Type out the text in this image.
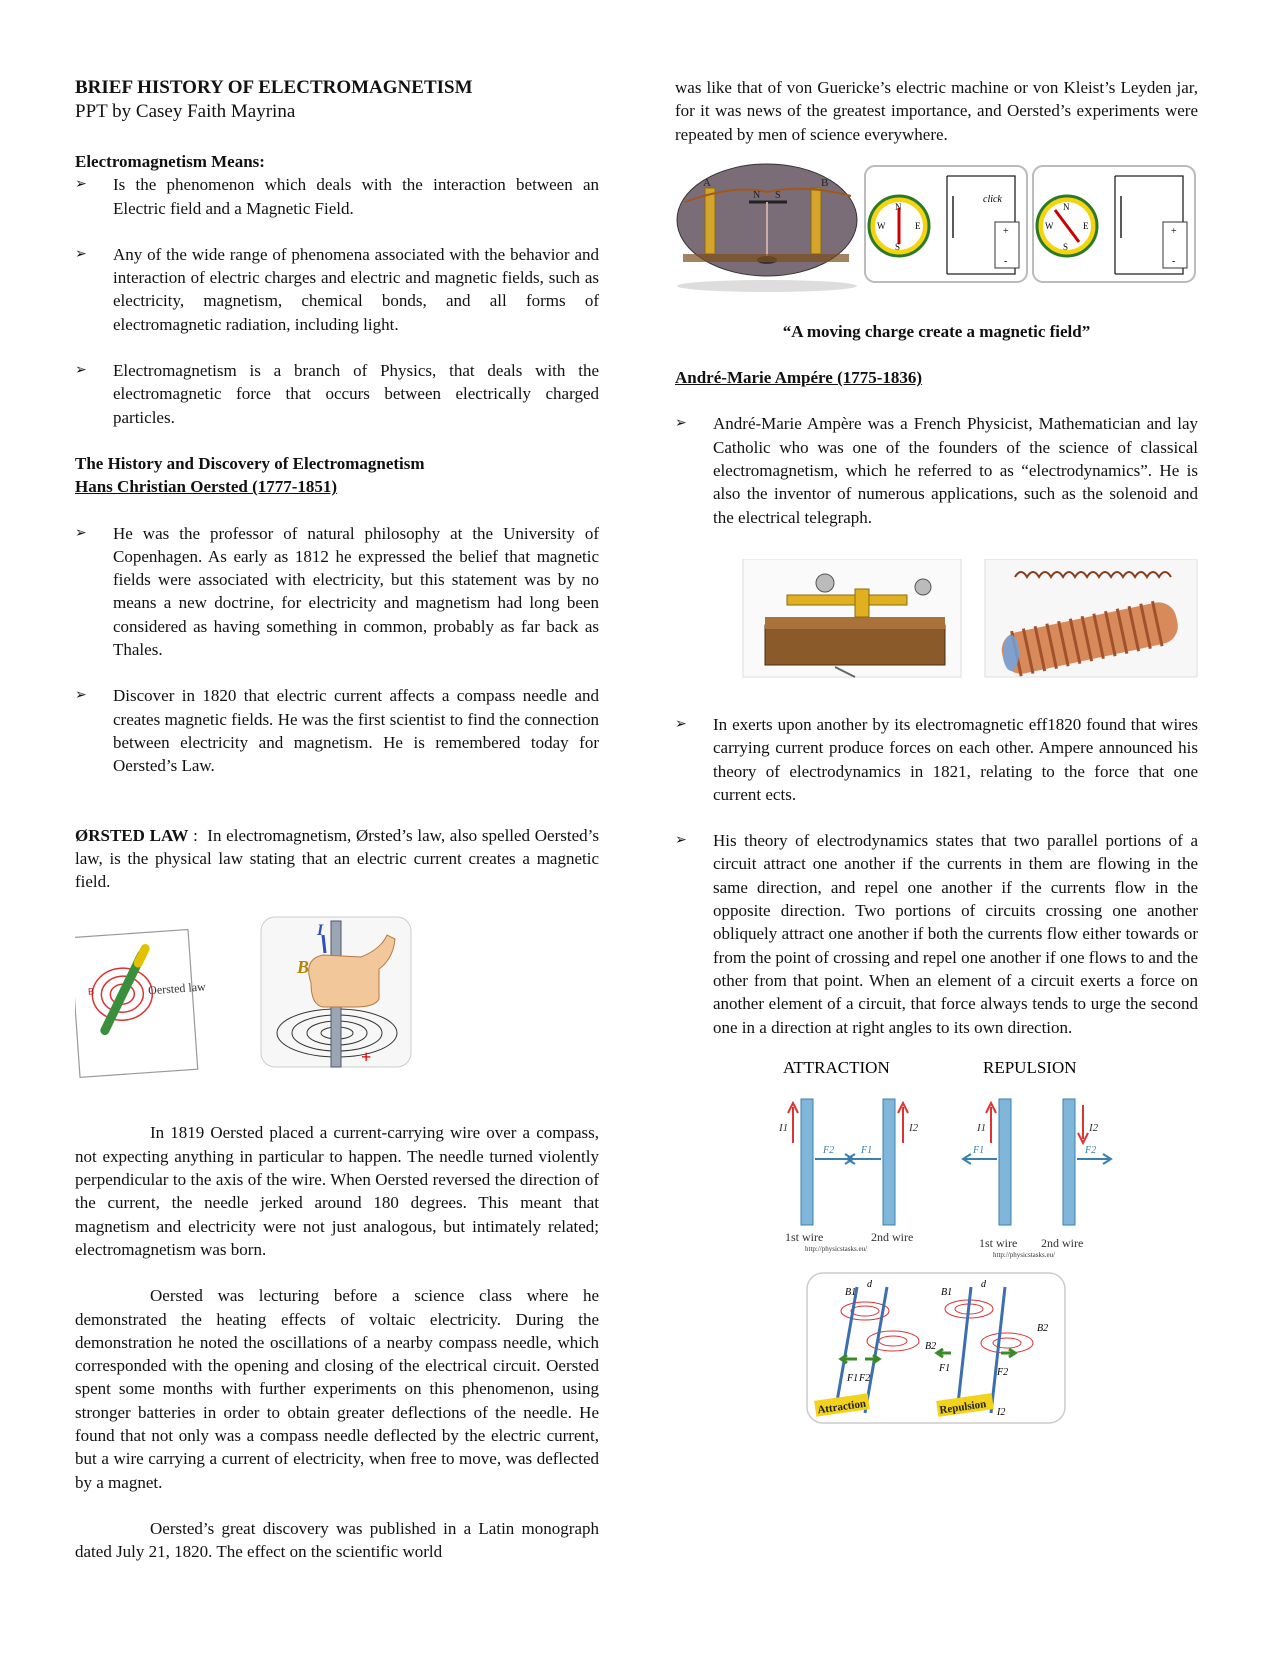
BRIEF HISTORY OF ELECTROMAGNETISM

PPT by Casey Faith Mayrina

Electromagnetism Means:

➢ Is the phenomenon which deals with the interaction between an Electric field and a Magnetic Field.

➢ Any of the wide range of phenomena associated with the behavior and interaction of electric charges and electric and magnetic fields, such as electricity, magnetism, chemical bonds, and all forms of electromagnetic radiation, including light.

➢ Electromagnetism is a branch of Physics, that deals with the electromagnetic force that occurs between electrically charged particles.

The History and Discovery of Electromagnetism

Hans Christian Oersted (1777-1851)

➢ He was the professor of natural philosophy at the University of Copenhagen. As early as 1812 he expressed the belief that magnetic fields were associated with electricity, but this statement was by no means a new doctrine, for electricity and magnetism had long been considered as having something in common, probably as far back as Thales.

➢ Discover in 1820 that electric current affects a compass needle and creates magnetic fields. He was the first scientist to find the connection between electricity and magnetism. He is remembered today for Oersted’s Law.

ØRSTED LAW : In electromagnetism, Ørsted’s law, also spelled Oersted’s law, is the physical law stating that an electric current creates a magnetic field.

Oersted law
B
I
B
+

In 1819 Oersted placed a current-carrying wire over a compass, not expecting anything in particular to happen. The needle turned violently perpendicular to the axis of the wire. When Oersted reversed the direction of the current, the needle jerked around 180 degrees. This meant that magnetism and electricity were not just analogous, but intimately related; electromagnetism was born.

Oersted was lecturing before a science class where he demonstrated the heating effects of voltaic electricity. During the demonstration he noted the oscillations of a nearby compass needle, which corresponded with the opening and closing of the electrical circuit. Oersted spent some months with further experiments on this phenomenon, using stronger batteries in order to obtain greater deflections of the needle. He found that not only was a compass needle deflected by the electric current, but a wire carrying a current of electricity, when free to move, was deflected by a magnet.

Oersted’s great discovery was published in a Latin monograph dated July 21, 1820. The effect on the scientific world

was like that of von Guericke’s electric machine or von Kleist’s Leyden jar, for it was news of the greatest importance, and Oersted’s experiments were repeated by men of science everywhere.

A	B
N S
N
S
W	E
click
+
-
N
S
W	E	+
-

“A moving charge create a magnetic field”

André-Marie Ampére (1775-1836)

➢ André-Marie Ampère was a French Physicist, Mathematician and lay Catholic who was one of the founders of the science of classical electromagnetism, which he referred to as “electrodynamics”. He is also the inventor of numerous applications, such as the solenoid and the electrical telegraph.

➢ In exerts upon another by its electromagnetic eff1820 found that wires carrying current produce forces on each other. Ampere announced his theory of electrodynamics in 1821, relating to the force that one current ects.

➢ His theory of electrodynamics states that two parallel portions of a circuit attract one another if the currents in them are flowing in the same direction, and repel one another if the currents flow in the opposite direction. Two portions of circuits crossing one another obliquely attract one another if both the currents flow either towards or from the point of crossing and repel one another if one flows to and the other from that point. When an element of a circuit exerts a force on another element of a circuit, that force always tends to urge the second one in a direction at right angles to its own direction.

ATTRACTION	REPULSION
I1	I2
F2	F1
1st wire	2nd wire
http://physicstasks.eu/
I1	I2
F1	F2
1st wire 2nd wire
http://physicstasks.eu/
Attraction	Repulsion
B1	B1
B2
B2
d	d
F1 F2
F1	F2
I2
